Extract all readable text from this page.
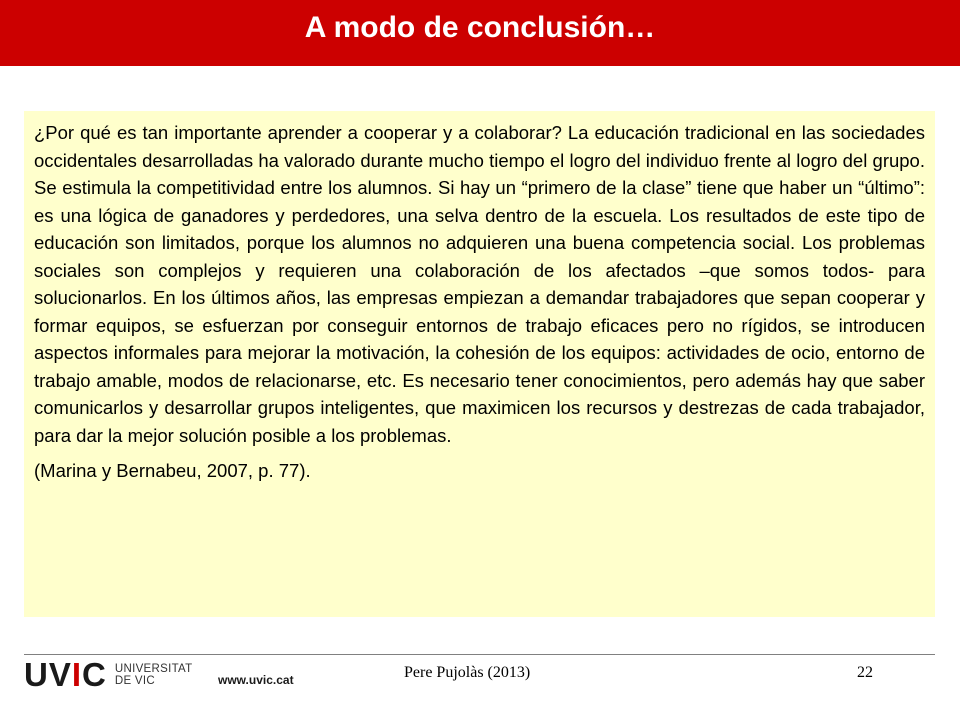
A modo de conclusión…

¿Por qué es tan importante aprender a cooperar y a colaborar? La educación tradicional en las sociedades occidentales desarrolladas ha valorado durante mucho tiempo el logro del individuo frente al logro del grupo. Se estimula la competitividad entre los alumnos. Si hay un “primero de la clase” tiene que haber un “último”: es una lógica de ganadores y perdedores, una selva dentro de la escuela. Los resultados de este tipo de educación son limitados, porque los alumnos no adquieren una buena competencia social. Los problemas sociales son complejos y requieren una colaboración de los afectados –que somos todos- para solucionarlos. En los últimos años, las empresas empiezan a demandar trabajadores que sepan cooperar y formar equipos, se esfuerzan por conseguir entornos de trabajo eficaces pero no rígidos, se introducen aspectos informales para mejorar la motivación, la cohesión de los equipos: actividades de ocio, entorno de trabajo amable, modos de relacionarse, etc. Es necesario tener conocimientos, pero además hay que saber comunicarlos y desarrollar grupos inteligentes, que maximicen los recursos y destrezas de cada trabajador, para dar la mejor solución posible a los problemas.

(Marina y Bernabeu, 2007, p. 77).

UVIC UNIVERSITAT
DE VIC	www.uvic.cat	Pere Pujolàs (2013)	22
